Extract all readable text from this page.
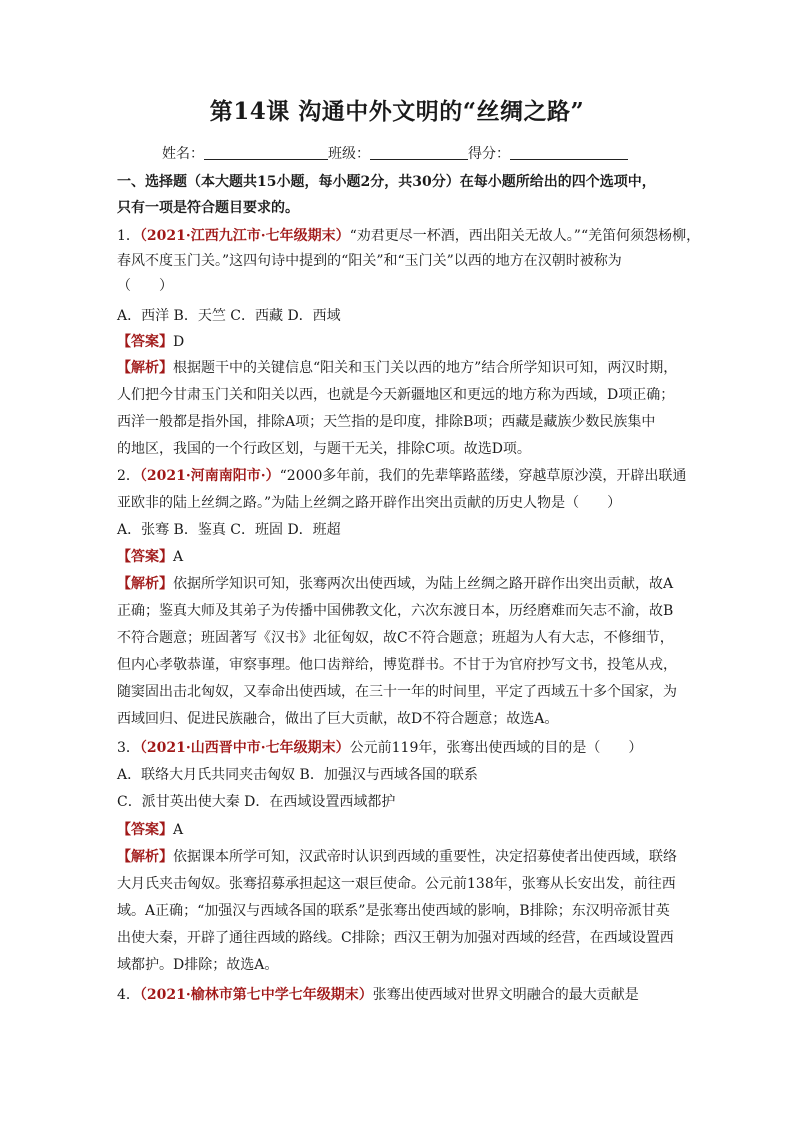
第14课 沟通中外文明的“丝绸之路”
姓名：	班级：	得分：
一、选择题（本大题共15小题，每小题2分，共30分）在每小题所给出的四个选项中，
只有一项是符合题目要求的。
1．（2021·江西九江市·七年级期末）“劝君更尽一杯酒，西出阳关无故人。”“羌笛何须怨杨柳，
春风不度玉门关。”这四句诗中提到的“阳关”和“玉门关”以西的地方在汉朝时被称为
（　　）
A．西洋 B．天竺 C．西藏 D．西域
【答案】D
【解析】根据题干中的关键信息“阳关和玉门关以西的地方”结合所学知识可知，两汉时期，
人们把今甘肃玉门关和阳关以西，也就是今天新疆地区和更远的地方称为西域，D项正确；
西洋一般都是指外国，排除A项；天竺指的是印度，排除B项；西藏是藏族少数民族集中
的地区，我国的一个行政区划，与题干无关，排除C项。故选D项。
2．（2021·河南南阳市·）“2000多年前，我们的先辈筚路蓝缕，穿越草原沙漠，开辟出联通
亚欧非的陆上丝绸之路。”为陆上丝绸之路开辟作出突出贡献的历史人物是（　　）
A．张骞 B．鉴真 C．班固 D．班超
【答案】A
【解析】依据所学知识可知，张骞两次出使西域，为陆上丝绸之路开辟作出突出贡献，故A
正确；鉴真大师及其弟子为传播中国佛教文化，六次东渡日本，历经磨难而矢志不渝，故B
不符合题意；班固著写《汉书》北征匈奴，故C不符合题意；班超为人有大志，不修细节，
但内心孝敬恭谨，审察事理。他口齿辩给，博览群书。不甘于为官府抄写文书，投笔从戎，
随窦固出击北匈奴，又奉命出使西域，在三十一年的时间里，平定了西域五十多个国家，为
西域回归、促进民族融合，做出了巨大贡献，故D不符合题意；故选A。
3．（2021·山西晋中市·七年级期末）公元前119年，张骞出使西域的目的是（　　）
A．联络大月氏共同夹击匈奴 B．加强汉与西域各国的联系
C．派甘英出使大秦 D．在西域设置西域都护
【答案】A
【解析】依据课本所学可知，汉武帝时认识到西域的重要性，决定招募使者出使西域，联络
大月氏夹击匈奴。张骞招募承担起这一艰巨使命。公元前138年，张骞从长安出发，前往西
域。A正确；“加强汉与西域各国的联系”是张骞出使西域的影响，B排除；东汉明帝派甘英
出使大秦，开辟了通往西域的路线。C排除；西汉王朝为加强对西域的经营，在西域设置西
域都护。D排除；故选A。
4．（2021·榆林市第七中学七年级期末）张骞出使西域对世界文明融合的最大贡献是
